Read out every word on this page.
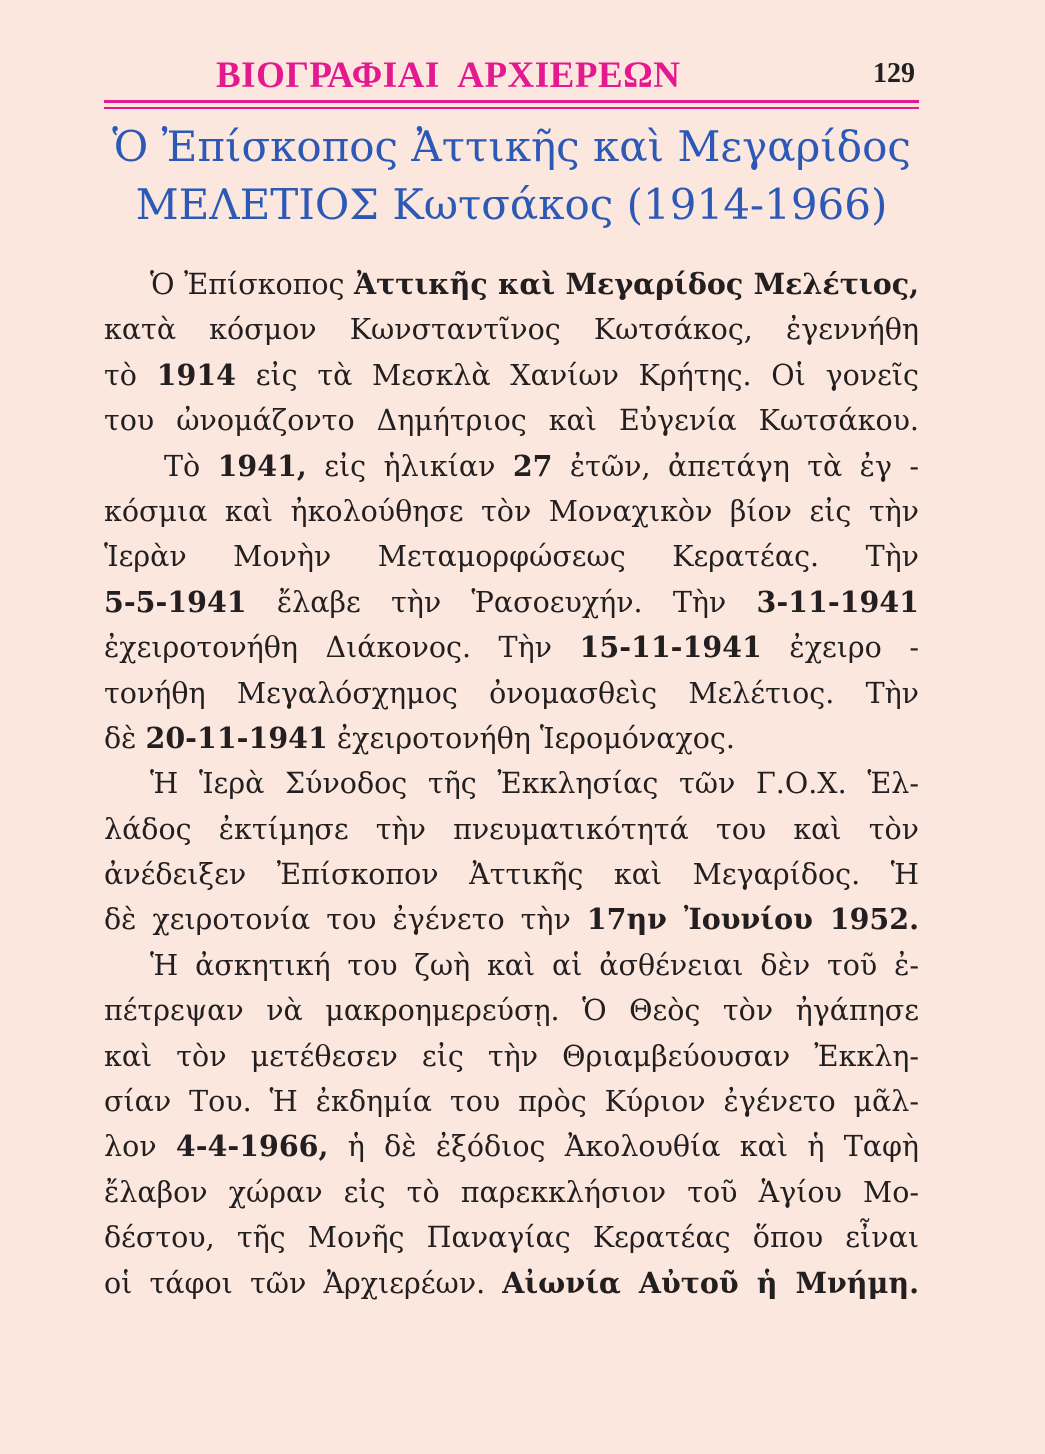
ΒΙΟΓΡΑΦΙΑΙ  ΑΡΧΙΕΡΕΩΝ	129
Ὁ Ἐπίσκοπος Ἀττικῆς καὶ Μεγαρίδος
ΜΕΛΕΤΙΟΣ Κωτσάκος (1914-1966)
Ὁ Ἐπίσκοπος Ἀττικῆς καὶ Μεγαρίδος Μελέτιος,
κατὰ κόσμον Κωνσταντῖνος Κωτσάκος, ἐγεννήθη
τὸ 1914 εἰς τὰ Μεσκλὰ Χανίων Κρήτης. Οἱ γονεῖς
του ὠνομάζοντο Δημήτριος καὶ Εὐγενία Κωτσάκου.
Τὸ 1941, εἰς ἡλικίαν 27 ἐτῶν, ἀπετάγη τὰ ἐγ -
κόσμια καὶ ἠκολούθησε τὸν Μοναχικὸν βίον εἰς τὴν
Ἱερὰν Μονὴν Μεταμορφώσεως Κερατέας. Τὴν
5-5-1941 ἔλαβε τὴν Ῥασοευχήν. Τὴν 3-11-1941
ἐχειροτονήθη Διάκονος. Τὴν 15-11-1941 ἐχειρο -
τονήθη Μεγαλόσχημος ὀνομασθεὶς Μελέτιος. Τὴν
δὲ 20-11-1941 ἐχειροτονήθη Ἱερομόναχος.
Ἡ Ἱερὰ Σύνοδος τῆς Ἐκκλησίας τῶν Γ.Ο.Χ. Ἑλ-
λάδος ἐκτίμησε τὴν πνευματικότητά του καὶ τὸν
ἀνέδειξεν Ἐπίσκοπον Ἀττικῆς καὶ Μεγαρίδος. Ἡ
δὲ χειροτονία του ἐγένετο τὴν 17ην Ἰουνίου 1952.
Ἡ ἀσκητική του ζωὴ καὶ αἱ ἀσθένειαι δὲν τοῦ ἐ-
πέτρεψαν νὰ μακροημερεύσῃ. Ὁ Θεὸς τὸν ἠγάπησε
καὶ τὸν μετέθεσεν εἰς τὴν Θριαμβεύουσαν Ἐκκλη-
σίαν Του. Ἡ ἐκδημία του πρὸς Κύριον ἐγένετο μᾶλ-
λον 4-4-1966, ἡ δὲ ἐξόδιος Ἀκολουθία καὶ ἡ Ταφὴ
ἔλαβον χώραν εἰς τὸ παρεκκλήσιον τοῦ Ἁγίου Μο-
δέστου, τῆς Μονῆς Παναγίας Κερατέας ὅπου εἶναι
οἱ τάφοι τῶν Ἀρχιερέων. Αἰωνία Αὐτοῦ ἡ Μνήμη.
